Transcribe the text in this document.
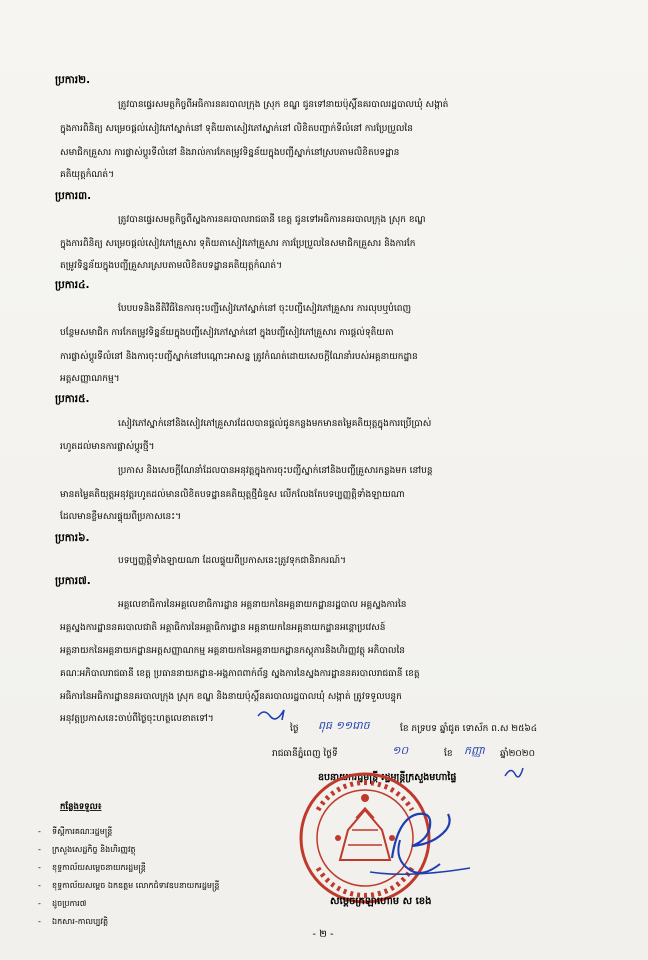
ប្រការ២.
ត្រូវបានផ្ទេរសមត្ថកិច្ចពីអធិការនគរបាលក្រុង ស្រុក ខណ្ឌ ជូនទៅនាយប៉ុស្តិ៍នគរបាលរដ្ឋបាលឃុំ សង្កាត់
ក្នុងការពិនិត្យ សម្រេចផ្តល់សៀវភៅស្នាក់នៅ ទុតិយតាសៀវភៅស្នាក់នៅ លិខិតបញ្ជាក់ទីលំនៅ ការប្រែប្រួលនៃ
សមាជិកគ្រួសារ ការផ្លាស់ប្តូរទីលំនៅ និងរាល់ការកែតម្រូវទិន្នន័យក្នុងបញ្ជីស្នាក់នៅស្របតាមលិខិតបទដ្ឋាន
គតិយុត្តកំណត់។
ប្រការ៣.
ត្រូវបានផ្ទេរសមត្ថកិច្ចពីស្នងការនគរបាលរាជធានី ខេត្ត ជូនទៅអធិការនគរបាលក្រុង ស្រុក ខណ្ឌ
ក្នុងការពិនិត្យ សម្រេចផ្តល់សៀវភៅគ្រួសារ ទុតិយតាសៀវភៅគ្រួសារ ការប្រែប្រួលនៃសមាជិកគ្រួសារ និងការកែ
តម្រូវទិន្នន័យក្នុងបញ្ជីគ្រួសារស្របតាមលិខិតបទដ្ឋានគតិយុត្តកំណត់។
ប្រការ៤.
បែបបទនិងនីតិវិធីនៃការចុះបញ្ជីសៀវភៅស្នាក់នៅ ចុះបញ្ជីសៀវភៅគ្រួសារ ការលុបឬបំពេញ
បន្ថែមសមាជិក ការកែតម្រូវទិន្នន័យក្នុងបញ្ជីសៀវភៅស្នាក់នៅ ក្នុងបញ្ជីសៀវភៅគ្រួសារ ការផ្តល់ទុតិយតា
ការផ្លាស់ប្តូរទីលំនៅ និងការចុះបញ្ជីស្នាក់នៅបណ្តោះអាសន្ន ត្រូវកំណត់ដោយសេចក្តីណែនាំរបស់អគ្គនាយកដ្ឋាន
អត្តសញ្ញាណកម្ម។
ប្រការ៥.
សៀវភៅស្នាក់នៅនិងសៀវភៅគ្រួសារដែលបានផ្តល់ជូនកន្លងមកមានតម្លៃគតិយុត្តក្នុងការប្រើប្រាស់
រហូតដល់មានការផ្លាស់ប្តូរថ្មី។
ប្រកាស និងសេចក្តីណែនាំដែលបានអនុវត្តក្នុងការចុះបញ្ជីស្នាក់នៅនិងបញ្ជីគ្រួសារកន្លងមក នៅបន្ត
មានតម្លៃគតិយុត្តអនុវត្តរហូតដល់មានលិខិតបទដ្ឋានគតិយុត្តថ្មីជំនួស លើកលែងតែបទប្បញ្ញត្តិទាំងឡាយណា
ដែលមានខ្លឹមសារផ្ទុយពីប្រកាសនេះ។
ប្រការ៦.
បទប្បញ្ញត្តិទាំងឡាយណា ដែលផ្ទុយពីប្រកាសនេះត្រូវទុកជានិរាករណ៍។
ប្រការ៧.
អគ្គលេខាធិការនៃអគ្គលេខាធិការដ្ឋាន អគ្គនាយកនៃអគ្គនាយកដ្ឋានរដ្ឋបាល អគ្គស្នងការនៃ
អគ្គស្នងការដ្ឋាននគរបាលជាតិ អគ្គាធិការនៃអគ្គាធិការដ្ឋាន អគ្គនាយកនៃអគ្គនាយកដ្ឋានអន្តោប្រវេសន៍
អគ្គនាយកនៃអគ្គនាយកដ្ឋានអត្តសញ្ញាណកម្ម អគ្គនាយកនៃអគ្គនាយកដ្ឋានកស្តុភារនិងហិរញ្ញវត្ថុ អភិបាលនៃ
គណៈអភិបាលរាជធានី ខេត្ត ប្រធាននាយកដ្ឋាន-អង្គភាពពាក់ព័ន្ធ ស្នងការនៃស្នងការដ្ឋាននគរបាលរាជធានី ខេត្ត
អធិការនៃអធិការដ្ឋាននគរបាលក្រុង ស្រុក ខណ្ឌ និងនាយប៉ុស្តិ៍នគរបាលរដ្ឋបាលឃុំ សង្កាត់ ត្រូវទទួលបន្ទុក
អនុវត្តប្រកាសនេះចាប់ពីថ្ងៃចុះហត្ថលេខាតទៅ។
ថ្ងៃ ពុធ ១១រោច	ខែ ភទ្របទ ឆ្នាំជូត ទោស័ក ព.ស ២៥៦៤
រាជធានីភ្នំពេញ ថ្ងៃទី	១០	ខែ កញ្ញា ឆ្នាំ២០២០
ឧបនាយករដ្ឋមន្ត្រី រដ្ឋមន្ត្រីក្រសួងមហាផ្ទៃ
សម្តេចក្រឡាហោម ស ខេង
កន្លែងទទួល៖
- ទីស្តីការគណៈរដ្ឋមន្ត្រី
- ក្រសួងសេដ្ឋកិច្ច និងហិរញ្ញវត្ថុ
- ខុទ្ទកាល័យសម្តេចនាយករដ្ឋមន្ត្រី
- ខុទ្ទកាល័យសម្តេច ឯកឧត្តម លោកជំទាវឧបនាយករដ្ឋមន្ត្រី
- ដូចប្រការ៧
- ឯកសារ-កាលប្បវត្តិ
- ២ -
